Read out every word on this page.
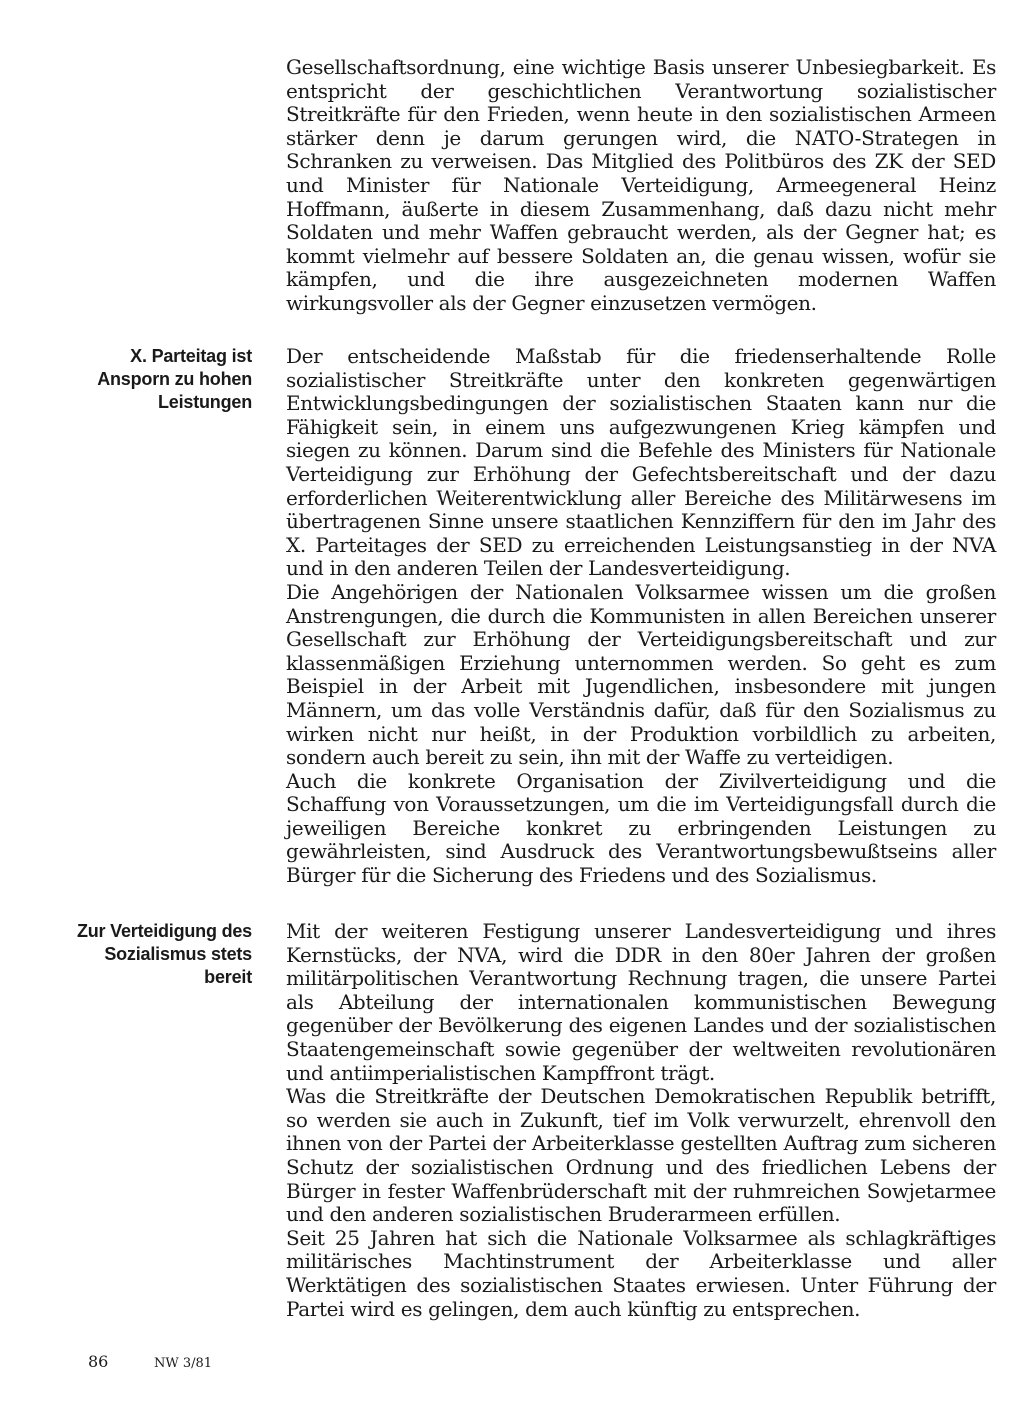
Gesellschaftsordnung, eine wichtige Basis unserer Unbesiegbarkeit. Es entspricht der geschichtlichen Verantwortung sozialistischer Streitkräfte für den Frieden, wenn heute in den sozialistischen Armeen stärker denn je darum gerungen wird, die NATO-Strategen in Schranken zu verweisen. Das Mitglied des Politbüros des ZK der SED und Minister für Nationale Verteidigung, Armeegeneral Heinz Hoffmann, äußerte in diesem Zusammenhang, daß dazu nicht mehr Soldaten und mehr Waffen gebraucht werden, als der Gegner hat; es kommt vielmehr auf bessere Soldaten an, die genau wissen, wofür sie kämpfen, und die ihre ausgezeichneten modernen Waffen wirkungsvoller als der Gegner einzusetzen vermögen.

X. Parteitag ist Ansporn zu hohen Leistungen

Der entscheidende Maßstab für die friedenserhaltende Rolle sozialistischer Streitkräfte unter den konkreten gegenwärtigen Entwicklungsbedingungen der sozialistischen Staaten kann nur die Fähigkeit sein, in einem uns aufgezwungenen Krieg kämpfen und siegen zu können. Darum sind die Befehle des Ministers für Nationale Verteidigung zur Erhöhung der Gefechtsbereitschaft und der dazu erforderlichen Weiterentwicklung aller Bereiche des Militärwesens im übertragenen Sinne unsere staatlichen Kennziffern für den im Jahr des X. Parteitages der SED zu erreichenden Leistungsanstieg in der NVA und in den anderen Teilen der Landesverteidigung.

Die Angehörigen der Nationalen Volksarmee wissen um die großen Anstrengungen, die durch die Kommunisten in allen Bereichen unserer Gesellschaft zur Erhöhung der Verteidigungsbereitschaft und zur klassenmäßigen Erziehung unternommen werden. So geht es zum Beispiel in der Arbeit mit Jugendlichen, insbesondere mit jungen Männern, um das volle Verständnis dafür, daß für den Sozialismus zu wirken nicht nur heißt, in der Produktion vorbildlich zu arbeiten, sondern auch bereit zu sein, ihn mit der Waffe zu verteidigen.

Auch die konkrete Organisation der Zivilverteidigung und die Schaffung von Voraussetzungen, um die im Verteidigungsfall durch die jeweiligen Bereiche konkret zu erbringenden Leistungen zu gewährleisten, sind Ausdruck des Verantwortungsbewußtseins aller Bürger für die Sicherung des Friedens und des Sozialismus.

Zur Verteidigung des Sozialismus stets bereit

Mit der weiteren Festigung unserer Landesverteidigung und ihres Kernstücks, der NVA, wird die DDR in den 80er Jahren der großen militärpolitischen Verantwortung Rechnung tragen, die unsere Partei als Abteilung der internationalen kommunistischen Bewegung gegenüber der Bevölkerung des eigenen Landes und der sozialistischen Staatengemeinschaft sowie gegenüber der weltweiten revolutionären und antiimperialistischen Kampffront trägt.

Was die Streitkräfte der Deutschen Demokratischen Republik betrifft, so werden sie auch in Zukunft, tief im Volk verwurzelt, ehrenvoll den ihnen von der Partei der Arbeiterklasse gestellten Auftrag zum sicheren Schutz der sozialistischen Ordnung und des friedlichen Lebens der Bürger in fester Waffenbrüderschaft mit der ruhmreichen Sowjetarmee und den anderen sozialistischen Bruderarmeen erfüllen.

Seit 25 Jahren hat sich die Nationale Volksarmee als schlagkräftiges militärisches Machtinstrument der Arbeiterklasse und aller Werktätigen des sozialistischen Staates erwiesen. Unter Führung der Partei wird es gelingen, dem auch künftig zu entsprechen.

86	NW 3/81
